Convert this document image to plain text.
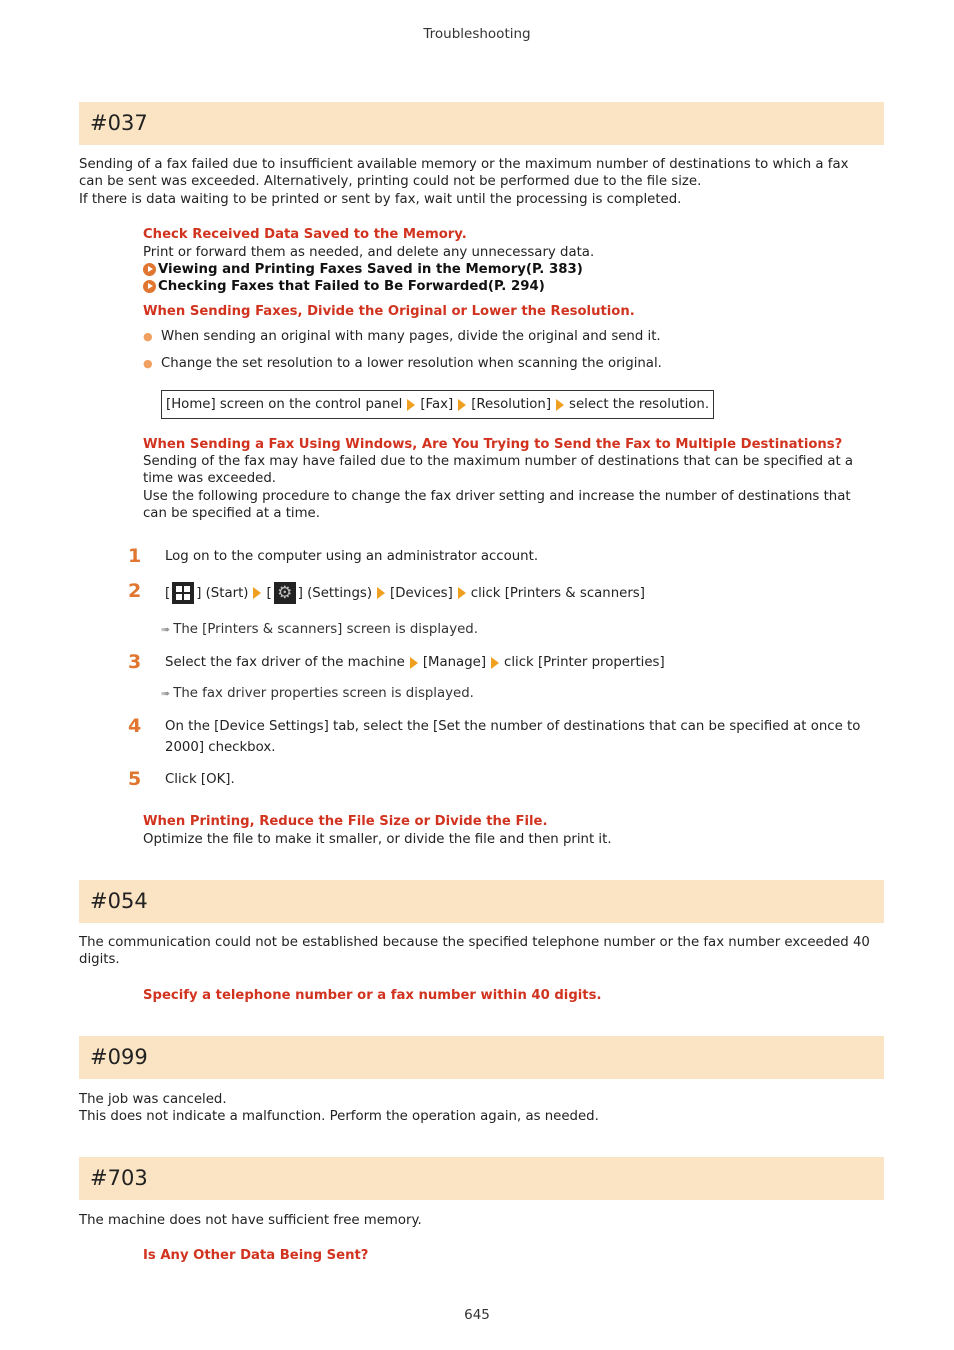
Troubleshooting
#037
Sending of a fax failed due to insufficient available memory or the maximum number of destinations to which a fax
can be sent was exceeded. Alternatively, printing could not be performed due to the file size.
If there is data waiting to be printed or sent by fax, wait until the processing is completed.
Check Received Data Saved to the Memory.
Print or forward them as needed, and delete any unnecessary data.
Viewing and Printing Faxes Saved in the Memory(P. 383)
Checking Faxes that Failed to Be Forwarded(P. 294)
When Sending Faxes, Divide the Original or Lower the Resolution.
● When sending an original with many pages, divide the original and send it.
● Change the set resolution to a lower resolution when scanning the original.
[Home] screen on the control panel [Fax] [Resolution] select the resolution.
When Sending a Fax Using Windows, Are You Trying to Send the Fax to Multiple Destinations?
Sending of the fax may have failed due to the maximum number of destinations that can be specified at a
time was exceeded.
Use the following procedure to change the fax driver setting and increase the number of destinations that
can be specified at a time.
1	Log on to the computer using an administrator account.
2	[ ] (Start) [ ⚙ ] (Settings) [Devices] click [Printers & scanners]
➠ The [Printers & scanners] screen is displayed.
3	Select the fax driver of the machine [Manage] click [Printer properties]
➠ The fax driver properties screen is displayed.
4	On the [Device Settings] tab, select the [Set the number of destinations that can be specified at once to
2000] checkbox.
5	Click [OK].
When Printing, Reduce the File Size or Divide the File.
Optimize the file to make it smaller, or divide the file and then print it.
#054
The communication could not be established because the specified telephone number or the fax number exceeded 40
digits.
Specify a telephone number or a fax number within 40 digits.
#099
The job was canceled.
This does not indicate a malfunction. Perform the operation again, as needed.
#703
The machine does not have sufficient free memory.
Is Any Other Data Being Sent?
645
